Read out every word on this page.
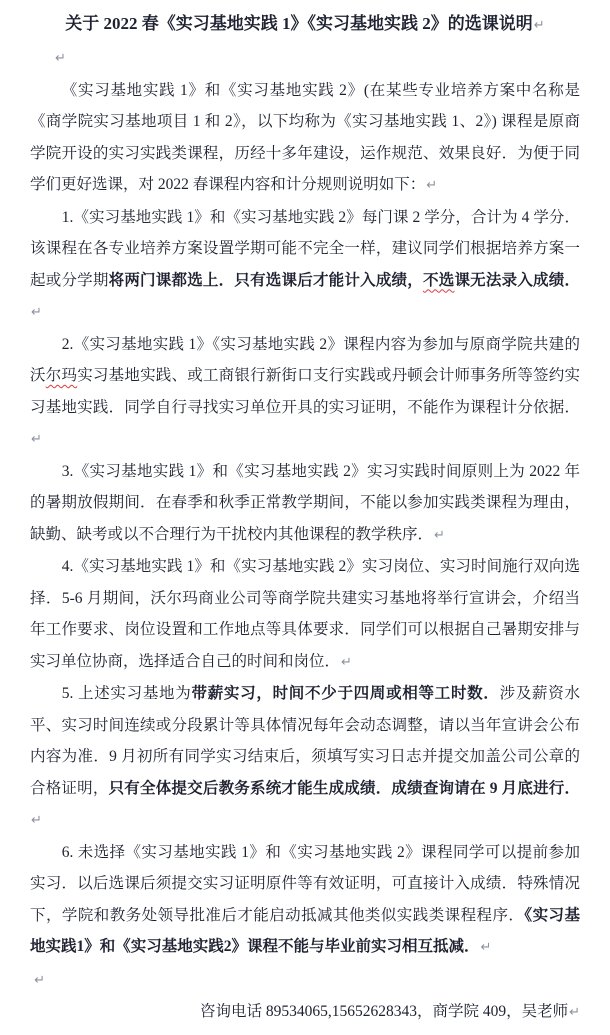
关于 2022 春《实习基地实践 1》《实习基地实践 2》的选课说明↵

↵

《实习基地实践 1》和《实习基地实践 2》(在某些专业培养方案中名称是《商学院实习基地项目 1 和 2》，以下均称为《实习基地实践 1、2》) 课程是原商学院开设的实习实践类课程，历经十多年建设，运作规范、效果良好．为便于同学们更好选课，对 2022 春课程内容和计分规则说明如下：↵

1.《实习基地实践 1》和《实习基地实践 2》每门课 2 学分，合计为 4 学分．该课程在各专业培养方案设置学期可能不完全一样，建议同学们根据培养方案一起或分学期将两门课都选上．只有选课后才能计入成绩，不选课无法录入成绩．↵

2.《实习基地实践 1》《实习基地实践 2》课程内容为参加与原商学院共建的沃尔玛实习基地实践、或工商银行新街口支行实践或丹顿会计师事务所等签约实习基地实践．同学自行寻找实习单位开具的实习证明，不能作为课程计分依据．↵

3.《实习基地实践 1》和《实习基地实践 2》实习实践时间原则上为 2022 年的暑期放假期间．在春季和秋季正常教学期间，不能以参加实践类课程为理由，缺勤、缺考或以不合理行为干扰校内其他课程的教学秩序．↵

4.《实习基地实践 1》和《实习基地实践 2》实习岗位、实习时间施行双向选择．5-6 月期间，沃尔玛商业公司等商学院共建实习基地将举行宣讲会，介绍当年工作要求、岗位设置和工作地点等具体要求．同学们可以根据自己暑期安排与实习单位协商，选择适合自己的时间和岗位．↵

5. 上述实习基地为带薪实习，时间不少于四周或相等工时数．涉及薪资水平、实习时间连续或分段累计等具体情况每年会动态调整，请以当年宣讲会公布内容为准．9 月初所有同学实习结束后，须填写实习日志并提交加盖公司公章的合格证明，只有全体提交后教务系统才能生成成绩．成绩查询请在 9 月底进行．↵

6. 未选择《实习基地实践 1》和《实习基地实践 2》课程同学可以提前参加实习．以后选课后须提交实习证明原件等有效证明，可直接计入成绩．特殊情况下，学院和教务处领导批准后才能启动抵减其他类似实践类课程程序．《实习基地实践1》和《实习基地实践2》课程不能与毕业前实习相互抵减．↵

↵

咨询电话 89534065,15652628343，商学院 409，吴老师↵
